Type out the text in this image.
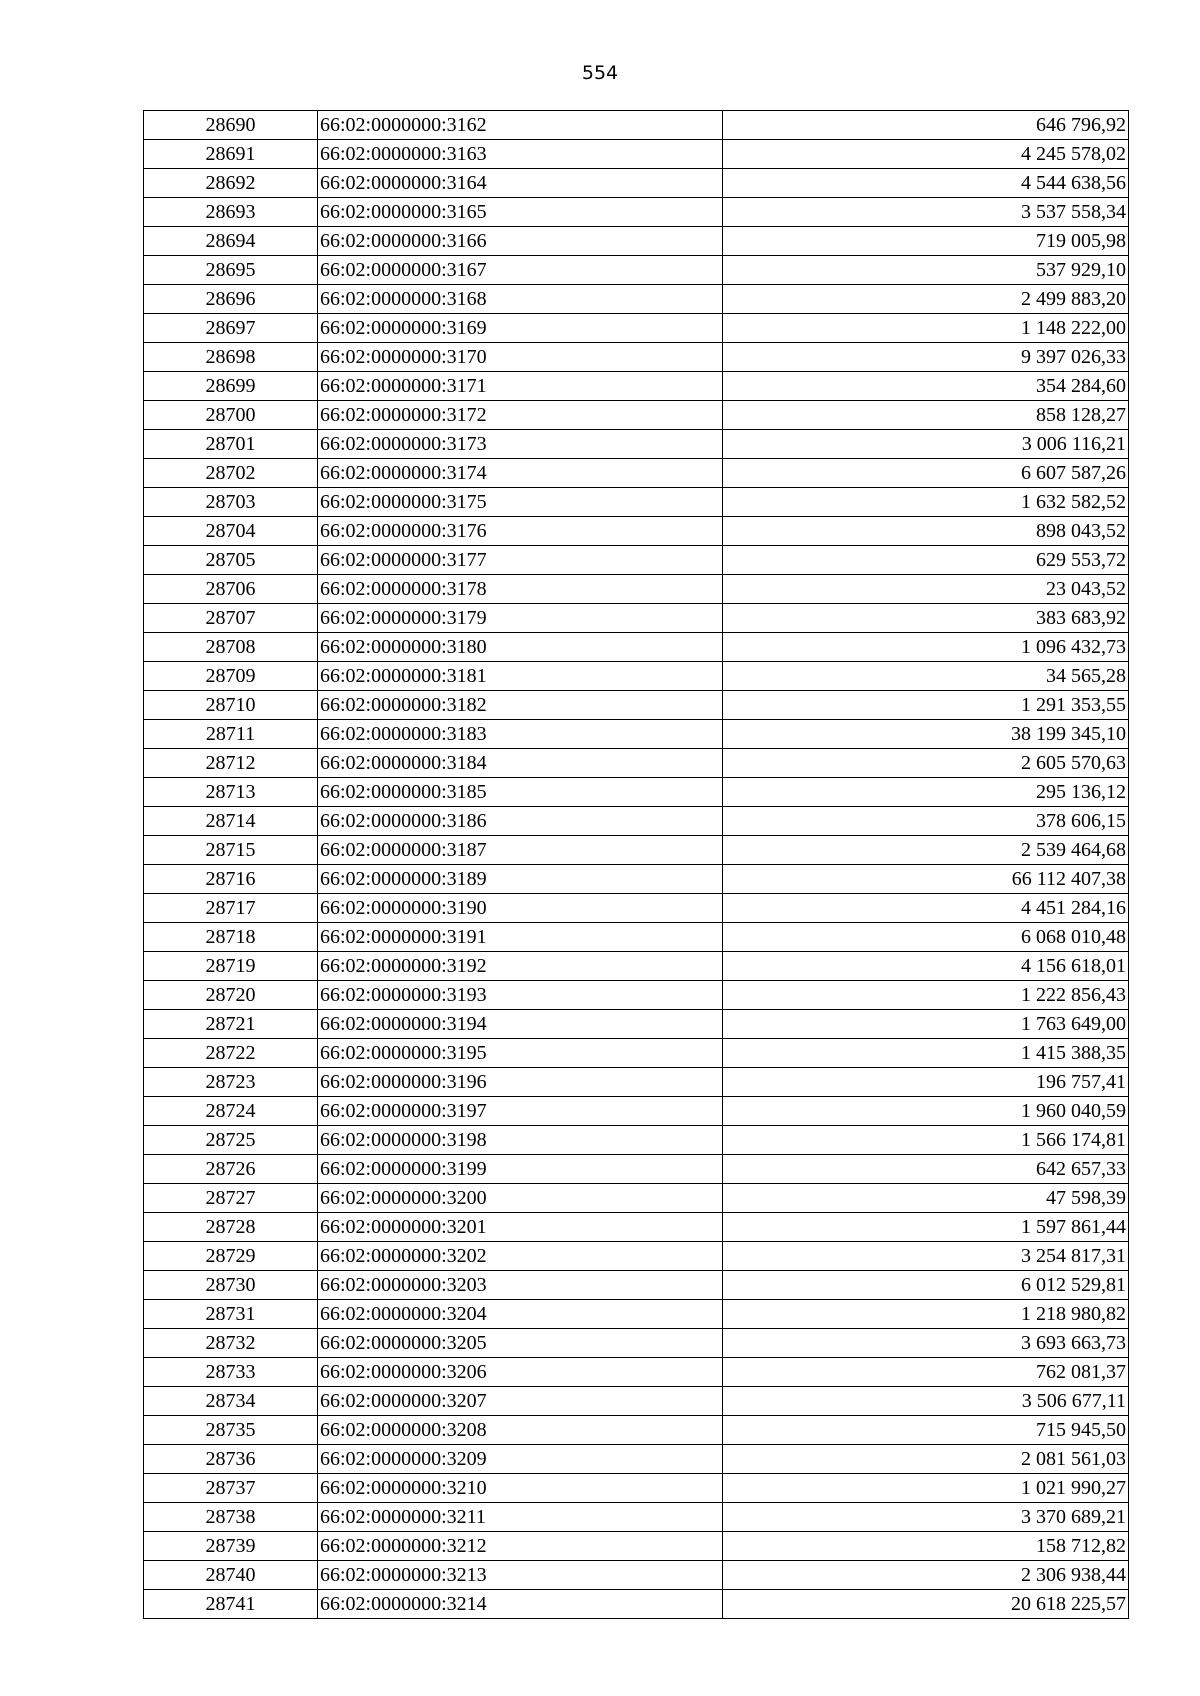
554
28690	66:02:0000000:3162	646 796,92
28691	66:02:0000000:3163	4 245 578,02
28692	66:02:0000000:3164	4 544 638,56
28693	66:02:0000000:3165	3 537 558,34
28694	66:02:0000000:3166	719 005,98
28695	66:02:0000000:3167	537 929,10
28696	66:02:0000000:3168	2 499 883,20
28697	66:02:0000000:3169	1 148 222,00
28698	66:02:0000000:3170	9 397 026,33
28699	66:02:0000000:3171	354 284,60
28700	66:02:0000000:3172	858 128,27
28701	66:02:0000000:3173	3 006 116,21
28702	66:02:0000000:3174	6 607 587,26
28703	66:02:0000000:3175	1 632 582,52
28704	66:02:0000000:3176	898 043,52
28705	66:02:0000000:3177	629 553,72
28706	66:02:0000000:3178	23 043,52
28707	66:02:0000000:3179	383 683,92
28708	66:02:0000000:3180	1 096 432,73
28709	66:02:0000000:3181	34 565,28
28710	66:02:0000000:3182	1 291 353,55
28711	66:02:0000000:3183	38 199 345,10
28712	66:02:0000000:3184	2 605 570,63
28713	66:02:0000000:3185	295 136,12
28714	66:02:0000000:3186	378 606,15
28715	66:02:0000000:3187	2 539 464,68
28716	66:02:0000000:3189	66 112 407,38
28717	66:02:0000000:3190	4 451 284,16
28718	66:02:0000000:3191	6 068 010,48
28719	66:02:0000000:3192	4 156 618,01
28720	66:02:0000000:3193	1 222 856,43
28721	66:02:0000000:3194	1 763 649,00
28722	66:02:0000000:3195	1 415 388,35
28723	66:02:0000000:3196	196 757,41
28724	66:02:0000000:3197	1 960 040,59
28725	66:02:0000000:3198	1 566 174,81
28726	66:02:0000000:3199	642 657,33
28727	66:02:0000000:3200	47 598,39
28728	66:02:0000000:3201	1 597 861,44
28729	66:02:0000000:3202	3 254 817,31
28730	66:02:0000000:3203	6 012 529,81
28731	66:02:0000000:3204	1 218 980,82
28732	66:02:0000000:3205	3 693 663,73
28733	66:02:0000000:3206	762 081,37
28734	66:02:0000000:3207	3 506 677,11
28735	66:02:0000000:3208	715 945,50
28736	66:02:0000000:3209	2 081 561,03
28737	66:02:0000000:3210	1 021 990,27
28738	66:02:0000000:3211	3 370 689,21
28739	66:02:0000000:3212	158 712,82
28740	66:02:0000000:3213	2 306 938,44
28741	66:02:0000000:3214	20 618 225,57
